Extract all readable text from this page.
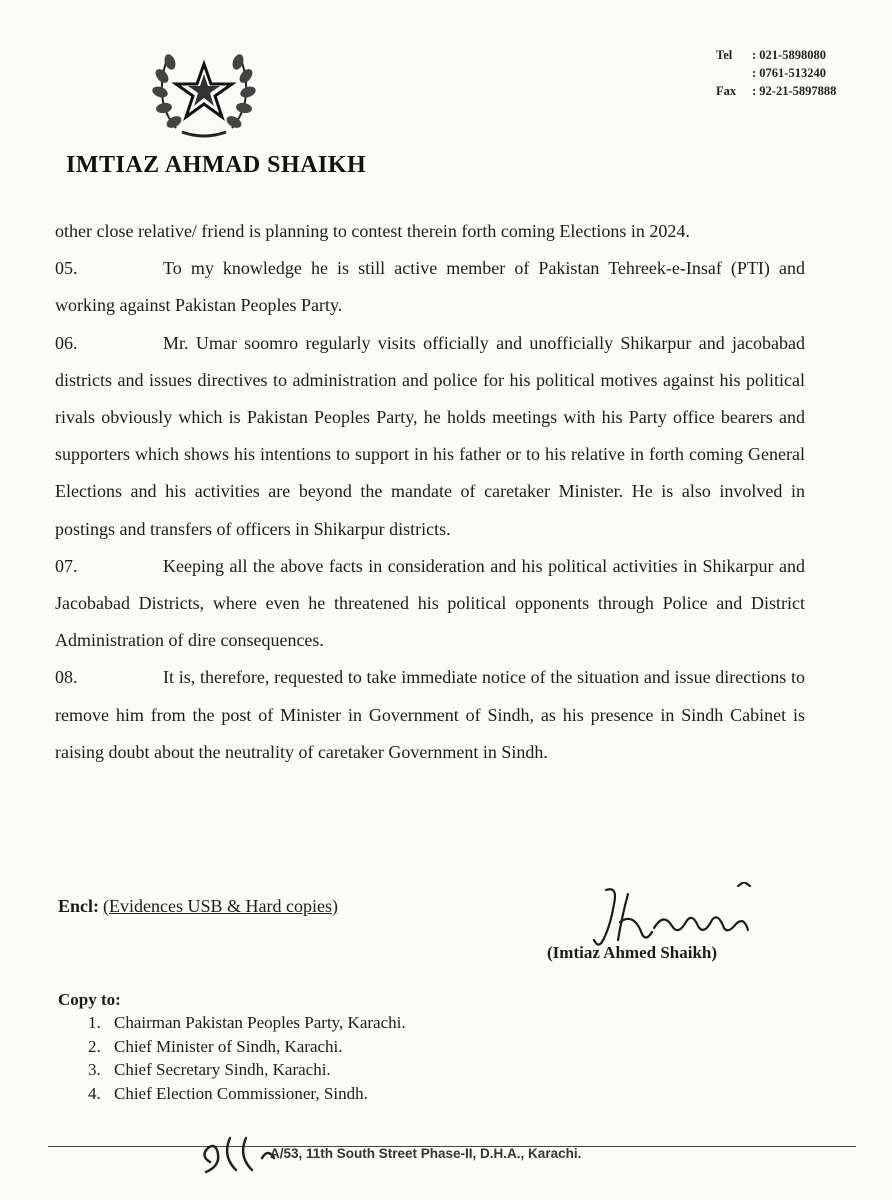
IMTIAZ AHMAD SHAIKH
Tel	: 021-5898080
: 0761-513240
Fax	: 92-21-5897888

other close relative/ friend is planning to contest therein forth coming Elections in 2024.

05.	To my knowledge he is still active member of Pakistan Tehreek-e-Insaf (PTI) and working against Pakistan Peoples Party.

06.	Mr. Umar soomro regularly visits officially and unofficially Shikarpur and jacobabad districts and issues directives to administration and police for his political motives against his political rivals obviously which is Pakistan Peoples Party, he holds meetings with his Party office bearers and supporters which shows his intentions to support in his father or to his relative in forth coming General Elections and his activities are beyond the mandate of caretaker Minister. He is also involved in postings and transfers of officers in Shikarpur districts.

07.	Keeping all the above facts in consideration and his political activities in Shikarpur and Jacobabad Districts, where even he threatened his political opponents through Police and District Administration of dire consequences.

08.	It is, therefore, requested to take immediate notice of the situation and issue directions to remove him from the post of Minister in Government of Sindh, as his presence in Sindh Cabinet is raising doubt about the neutrality of caretaker Government in Sindh.

Encl: (Evidences USB & Hard copies)
(Imtiaz Ahmed Shaikh)
Copy to:
1. Chairman Pakistan Peoples Party, Karachi.
2. Chief Minister of Sindh, Karachi.
3. Chief Secretary Sindh, Karachi.
4. Chief Election Commissioner, Sindh.
A/53, 11th South Street Phase-II, D.H.A., Karachi.
